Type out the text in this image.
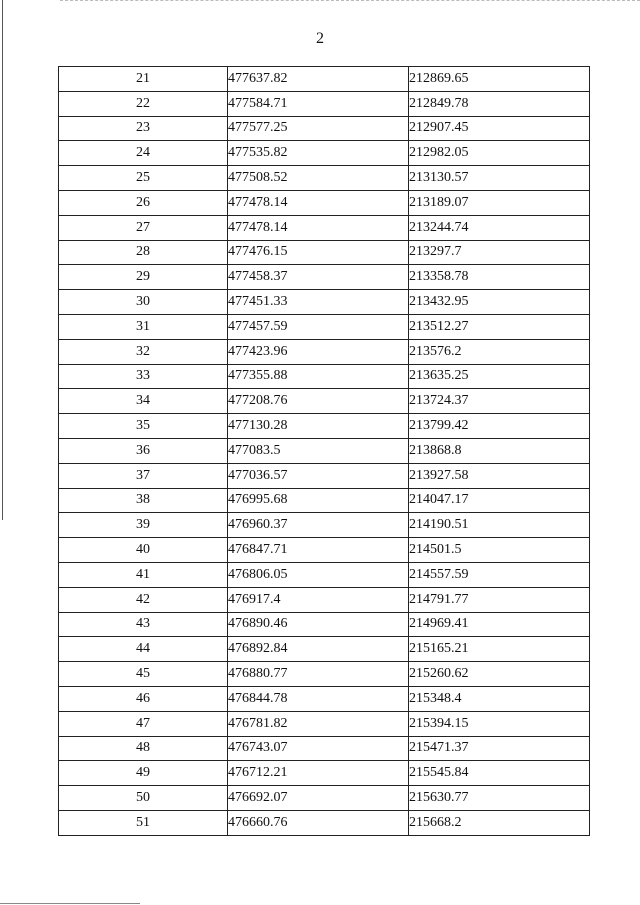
2
21	477637.82	212869.65
22	477584.71	212849.78
23	477577.25	212907.45
24	477535.82	212982.05
25	477508.52	213130.57
26	477478.14	213189.07
27	477478.14	213244.74
28	477476.15	213297.7
29	477458.37	213358.78
30	477451.33	213432.95
31	477457.59	213512.27
32	477423.96	213576.2
33	477355.88	213635.25
34	477208.76	213724.37
35	477130.28	213799.42
36	477083.5	213868.8
37	477036.57	213927.58
38	476995.68	214047.17
39	476960.37	214190.51
40	476847.71	214501.5
41	476806.05	214557.59
42	476917.4	214791.77
43	476890.46	214969.41
44	476892.84	215165.21
45	476880.77	215260.62
46	476844.78	215348.4
47	476781.82	215394.15
48	476743.07	215471.37
49	476712.21	215545.84
50	476692.07	215630.77
51	476660.76	215668.2
